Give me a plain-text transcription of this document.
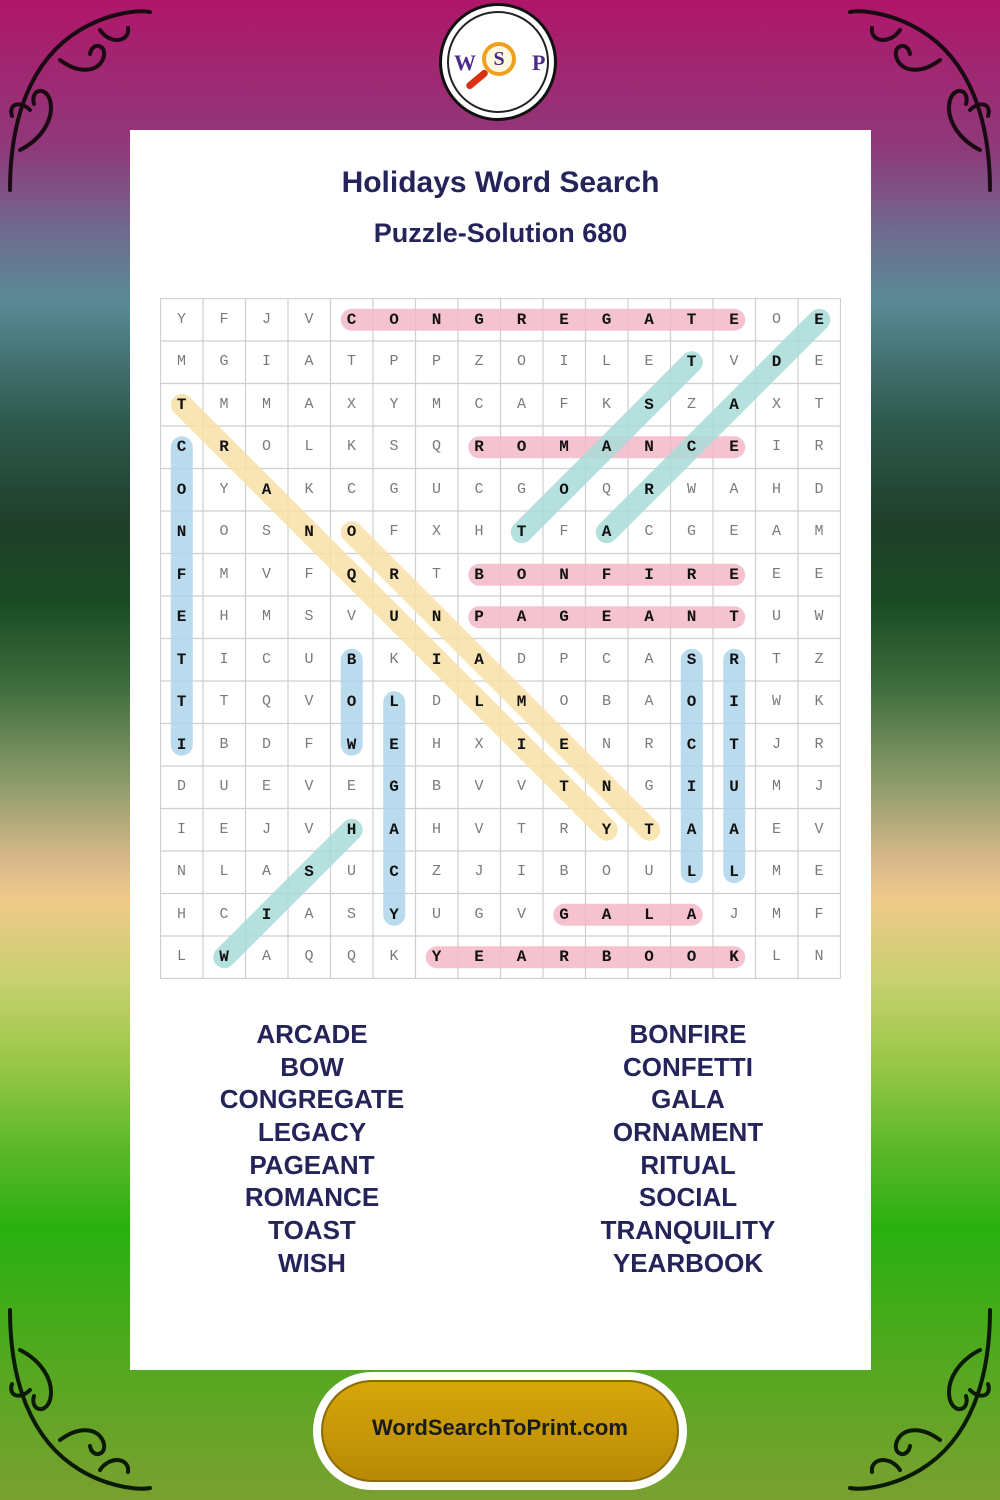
Holidays Word Search
Puzzle-Solution 680
W S	P
Y	F	J	V	C	O	N	G	R	E	G	A	T	E	O	E
M	G	I	A	T	P	P	Z	O	I	L	E	T	V	D	E
T	M	M	A	X	Y	M	C	A	F	K	S	Z	A	X	T
C	R	O	L	K	S	Q	R	O	M	A	N	C	E	I	R
O	Y	A	K	C	G	U	C	G	O	Q	R	W	A	H	D
N	O	S	N	O	F	X	H	T	F	A	C	G	E	A	M
F	M	V	F	Q	R	T	B	O	N	F	I	R	E	E	E
E	H	M	S	V	U	N	P	A	G	E	A	N	T	U	W
T	I	C	U	B	K	I	A	D	P	C	A	S	R	T	Z
T	T	Q	V	O	L	D	L	M	O	B	A	O	I	W	K
I	B	D	F	W	E	H	X	I	E	N	R	C	T	J	R
D	U	E	V	E	G	B	V	V	T	N	G	I	U	M	J
I	E	J	V	H	A	H	V	T	R	Y	T	A	A	E	V
N	L	A	S	U	C	Z	J	I	B	O	U	L	L	M	E
H	C	I	A	S	Y	U	G	V	G	A	L	A	J	M	F
L	W	A	Q	Q	K	Y	E	A	R	B	O	O	K	L	N
ARCADE
BOW
CONGREGATE
LEGACY
PAGEANT
ROMANCE
TOAST
WISH
BONFIRE
CONFETTI
GALA
ORNAMENT
RITUAL
SOCIAL
TRANQUILITY
YEARBOOK
WordSearchToPrint.com
